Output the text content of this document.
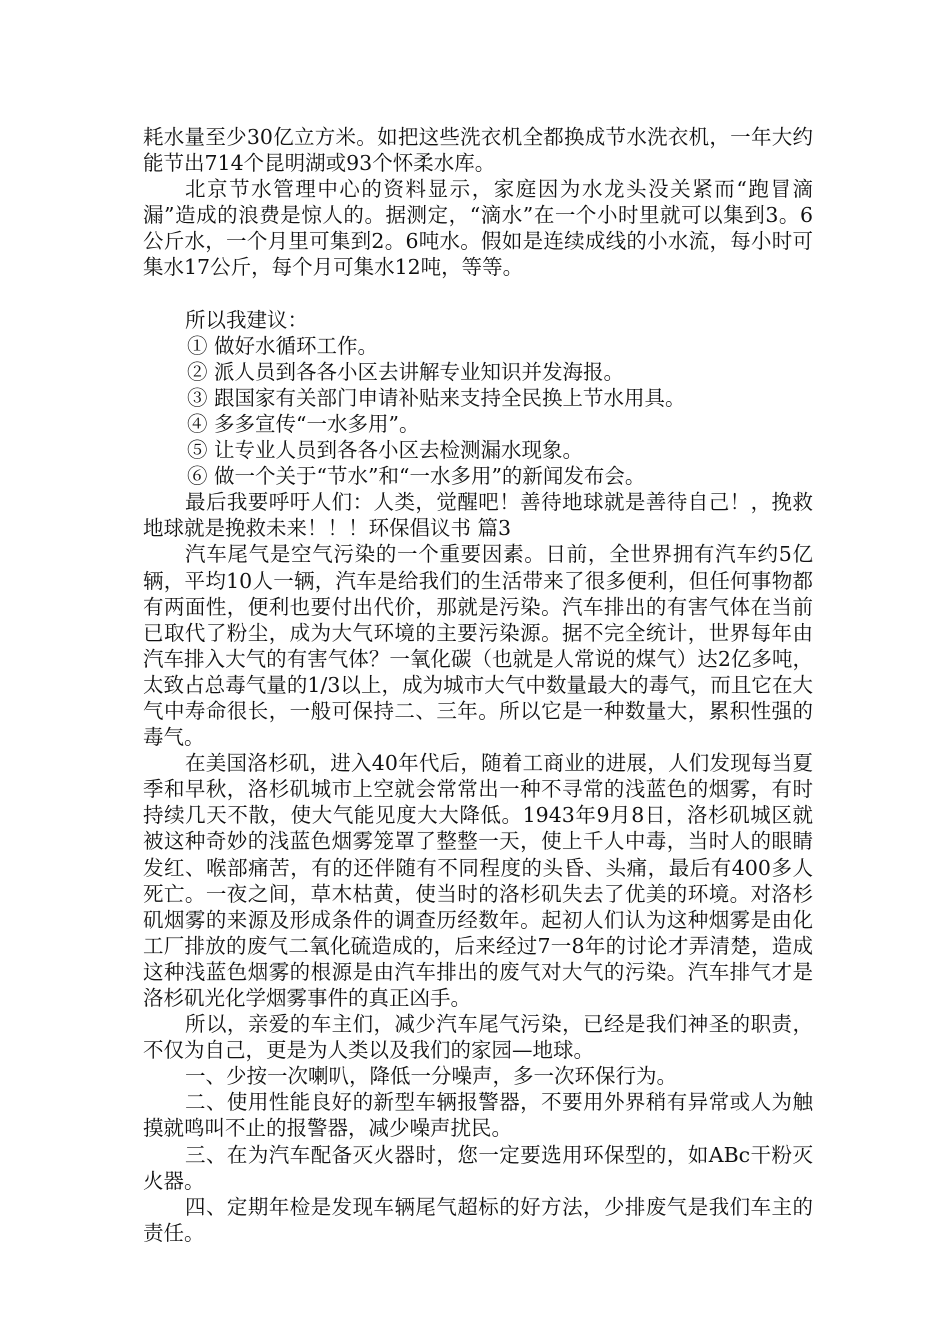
耗水量至少30亿立方米。如把这些洗衣机全都换成节水洗衣机，一年大约能节出714个昆明湖或93个怀柔水库。

北京节水管理中心的资料显示，家庭因为水龙头没关紧而“跑冒滴漏”造成的浪费是惊人的。据测定，“滴水”在一个小时里就可以集到3。6公斤水，一个月里可集到2。6吨水。假如是连续成线的小水流，每小时可集水17公斤，每个月可集水12吨，等等。

所以我建议：

① 做好水循环工作。

② 派人员到各各小区去讲解专业知识并发海报。

③ 跟国家有关部门申请补贴来支持全民换上节水用具。

④ 多多宣传“一水多用”。

⑤ 让专业人员到各各小区去检测漏水现象。

⑥ 做一个关于“节水”和“一水多用”的新闻发布会。

最后我要呼吁人们：人类，觉醒吧！善待地球就是善待自己！，挽救地球就是挽救未来！！！环保倡议书 篇3

汽车尾气是空气污染的一个重要因素。日前，全世界拥有汽车约5亿辆，平均10人一辆，汽车是给我们的生活带来了很多便利，但任何事物都有两面性，便利也要付出代价，那就是污染。汽车排出的有害气体在当前已取代了粉尘，成为大气环境的主要污染源。据不完全统计，世界每年由汽车排入大气的有害气体？一氧化碳（也就是人常说的煤气）达2亿多吨，太致占总毒气量的1/3以上，成为城市大气中数量最大的毒气，而且它在大气中寿命很长，一般可保持二、三年。所以它是一种数量大，累积性强的毒气。

在美国洛杉矶，进入40年代后，随着工商业的进展，人们发现每当夏季和早秋，洛杉矶城市上空就会常常出一种不寻常的浅蓝色的烟雾，有时持续几天不散，使大气能见度大大降低。1943年9月8日，洛杉矶城区就被这种奇妙的浅蓝色烟雾笼罩了整整一天，使上千人中毒，当时人的眼睛发红、喉部痛苦，有的还伴随有不同程度的头昏、头痛，最后有400多人死亡。一夜之间，草木枯黄，使当时的洛杉矶失去了优美的环境。对洛杉矶烟雾的来源及形成条件的调查历经数年。起初人们认为这种烟雾是由化工厂排放的废气二氧化硫造成的，后来经过7一8年的讨论才弄清楚，造成这种浅蓝色烟雾的根源是由汽车排出的废气对大气的污染。汽车排气才是洛杉矶光化学烟雾事件的真正凶手。

所以，亲爱的车主们，减少汽车尾气污染，已经是我们神圣的职责，不仅为自己，更是为人类以及我们的家园—地球。

一、少按一次喇叭，降低一分噪声，多一次环保行为。

二、使用性能良好的新型车辆报警器，不要用外界稍有异常或人为触摸就鸣叫不止的报警器，减少噪声扰民。

三、在为汽车配备灭火器时，您一定要选用环保型的，如ABc干粉灭火器。

四、定期年检是发现车辆尾气超标的好方法，少排废气是我们车主的责任。
